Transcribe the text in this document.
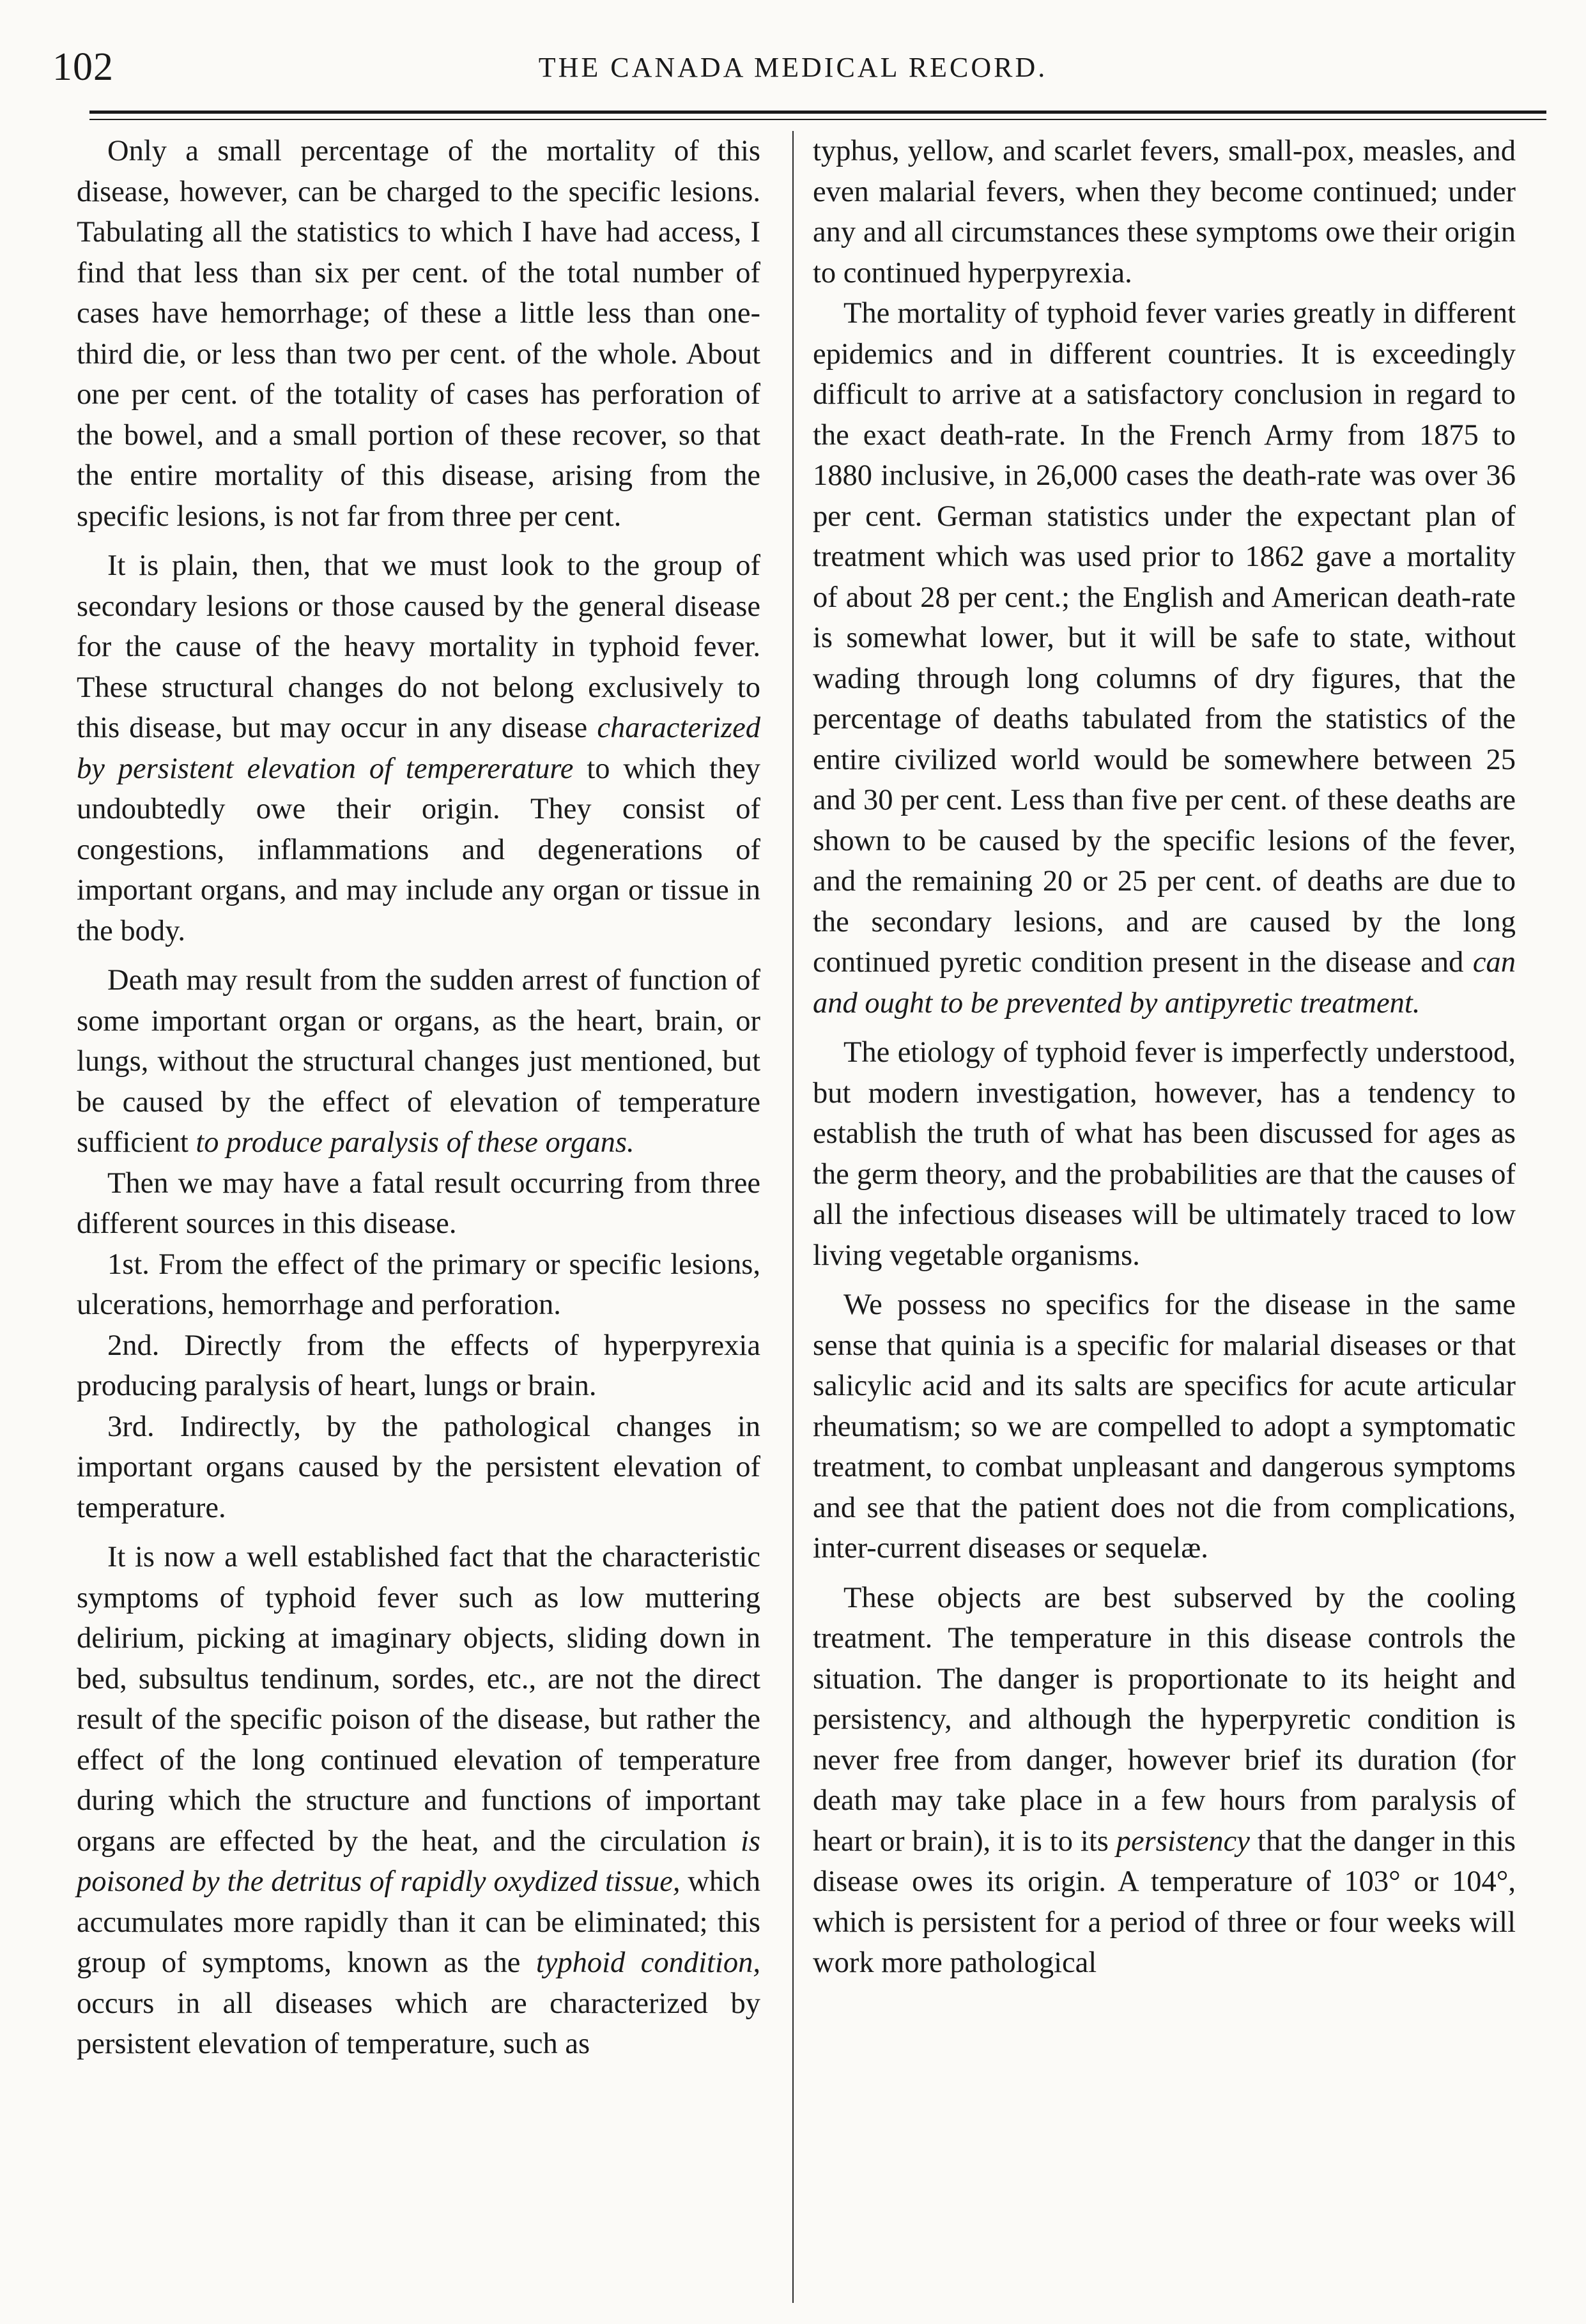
102	THE CANADA MEDICAL RECORD.

Only a small percentage of the mortality of this disease, however, can be charged to the specific lesions. Tabulating all the statistics to which I have had access, I find that less than six per cent. of the total number of cases have hemorrhage; of these a little less than one-third die, or less than two per cent. of the whole. About one per cent. of the totality of cases has perforation of the bowel, and a small portion of these recover, so that the entire mortality of this disease, arising from the specific lesions, is not far from three per cent.

It is plain, then, that we must look to the group of secondary lesions or those caused by the general disease for the cause of the heavy mortality in typhoid fever. These structural changes do not belong exclusively to this disease, but may occur in any disease characterized by persistent elevation of tempererature to which they undoubtedly owe their origin. They consist of congestions, inflammations and degenerations of important organs, and may include any organ or tissue in the body.

Death may result from the sudden arrest of function of some important organ or organs, as the heart, brain, or lungs, without the structural changes just mentioned, but be caused by the effect of elevation of temperature sufficient to produce paralysis of these organs.

Then we may have a fatal result occurring from three different sources in this disease.

1st. From the effect of the primary or specific lesions, ulcerations, hemorrhage and perforation.

2nd. Directly from the effects of hyperpyrexia producing paralysis of heart, lungs or brain.

3rd. Indirectly, by the pathological changes in important organs caused by the persistent elevation of temperature.

It is now a well established fact that the characteristic symptoms of typhoid fever such as low muttering delirium, picking at imaginary objects, sliding down in bed, subsultus tendinum, sordes, etc., are not the direct result of the specific poison of the disease, but rather the effect of the long continued elevation of temperature during which the structure and functions of important organs are effected by the heat, and the circulation is poisoned by the detritus of rapidly oxydized tissue, which accumulates more rapidly than it can be eliminated; this group of symptoms, known as the typhoid condition, occurs in all diseases which are characterized by persistent elevation of temperature, such as

typhus, yellow, and scarlet fevers, small-pox, measles, and even malarial fevers, when they become continued; under any and all circumstances these symptoms owe their origin to continued hyperpyrexia.

The mortality of typhoid fever varies greatly in different epidemics and in different countries. It is exceedingly difficult to arrive at a satisfactory conclusion in regard to the exact death-rate. In the French Army from 1875 to 1880 inclusive, in 26,000 cases the death-rate was over 36 per cent. German statistics under the expectant plan of treatment which was used prior to 1862 gave a mortality of about 28 per cent.; the English and American death-rate is somewhat lower, but it will be safe to state, without wading through long columns of dry figures, that the percentage of deaths tabulated from the statistics of the entire civilized world would be somewhere between 25 and 30 per cent. Less than five per cent. of these deaths are shown to be caused by the specific lesions of the fever, and the remaining 20 or 25 per cent. of deaths are due to the secondary lesions, and are caused by the long continued pyretic condition present in the disease and can and ought to be prevented by antipyretic treatment.

The etiology of typhoid fever is imperfectly understood, but modern investigation, however, has a tendency to establish the truth of what has been discussed for ages as the germ theory, and the probabilities are that the causes of all the infectious diseases will be ultimately traced to low living vegetable organisms.

We possess no specifics for the disease in the same sense that quinia is a specific for malarial diseases or that salicylic acid and its salts are specifics for acute articular rheumatism; so we are compelled to adopt a symptomatic treatment, to combat unpleasant and dangerous symptoms and see that the patient does not die from complications, inter-current diseases or sequelæ.

These objects are best subserved by the cooling treatment. The temperature in this disease controls the situation. The danger is proportionate to its height and persistency, and although the hyperpyretic condition is never free from danger, however brief its duration (for death may take place in a few hours from paralysis of heart or brain), it is to its persistency that the danger in this disease owes its origin. A temperature of 103° or 104°, which is persistent for a period of three or four weeks will work more pathological
